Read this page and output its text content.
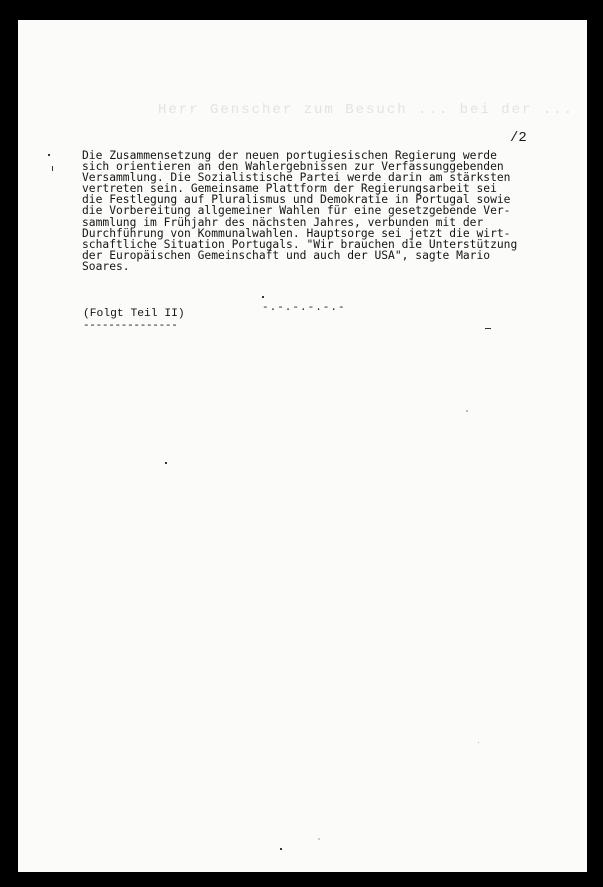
Herr Genscher zum Besuch ... bei der ...
/2
Die Zusammensetzung der neuen portugiesischen Regierung werde
sich orientieren an den Wahlergebnissen zur Verfassunggebenden
Versammlung. Die Sozialistische Partei werde darin am stärksten
vertreten sein. Gemeinsame Plattform der Regierungsarbeit sei
die Festlegung auf Pluralismus und Demokratie in Portugal sowie
die Vorbereitung allgemeiner Wahlen für eine gesetzgebende Ver-
sammlung im Frühjahr des nächsten Jahres, verbunden mit der
Durchführung von Kommunalwahlen. Hauptsorge sei jetzt die wirt-
schaftliche Situation Portugals. "Wir brauchen die Unterstützung
der Europäischen Gemeinschaft und auch der USA", sagte Mario
Soares.
-.-.-.-.-.-
(Folgt Teil II)
---------------
